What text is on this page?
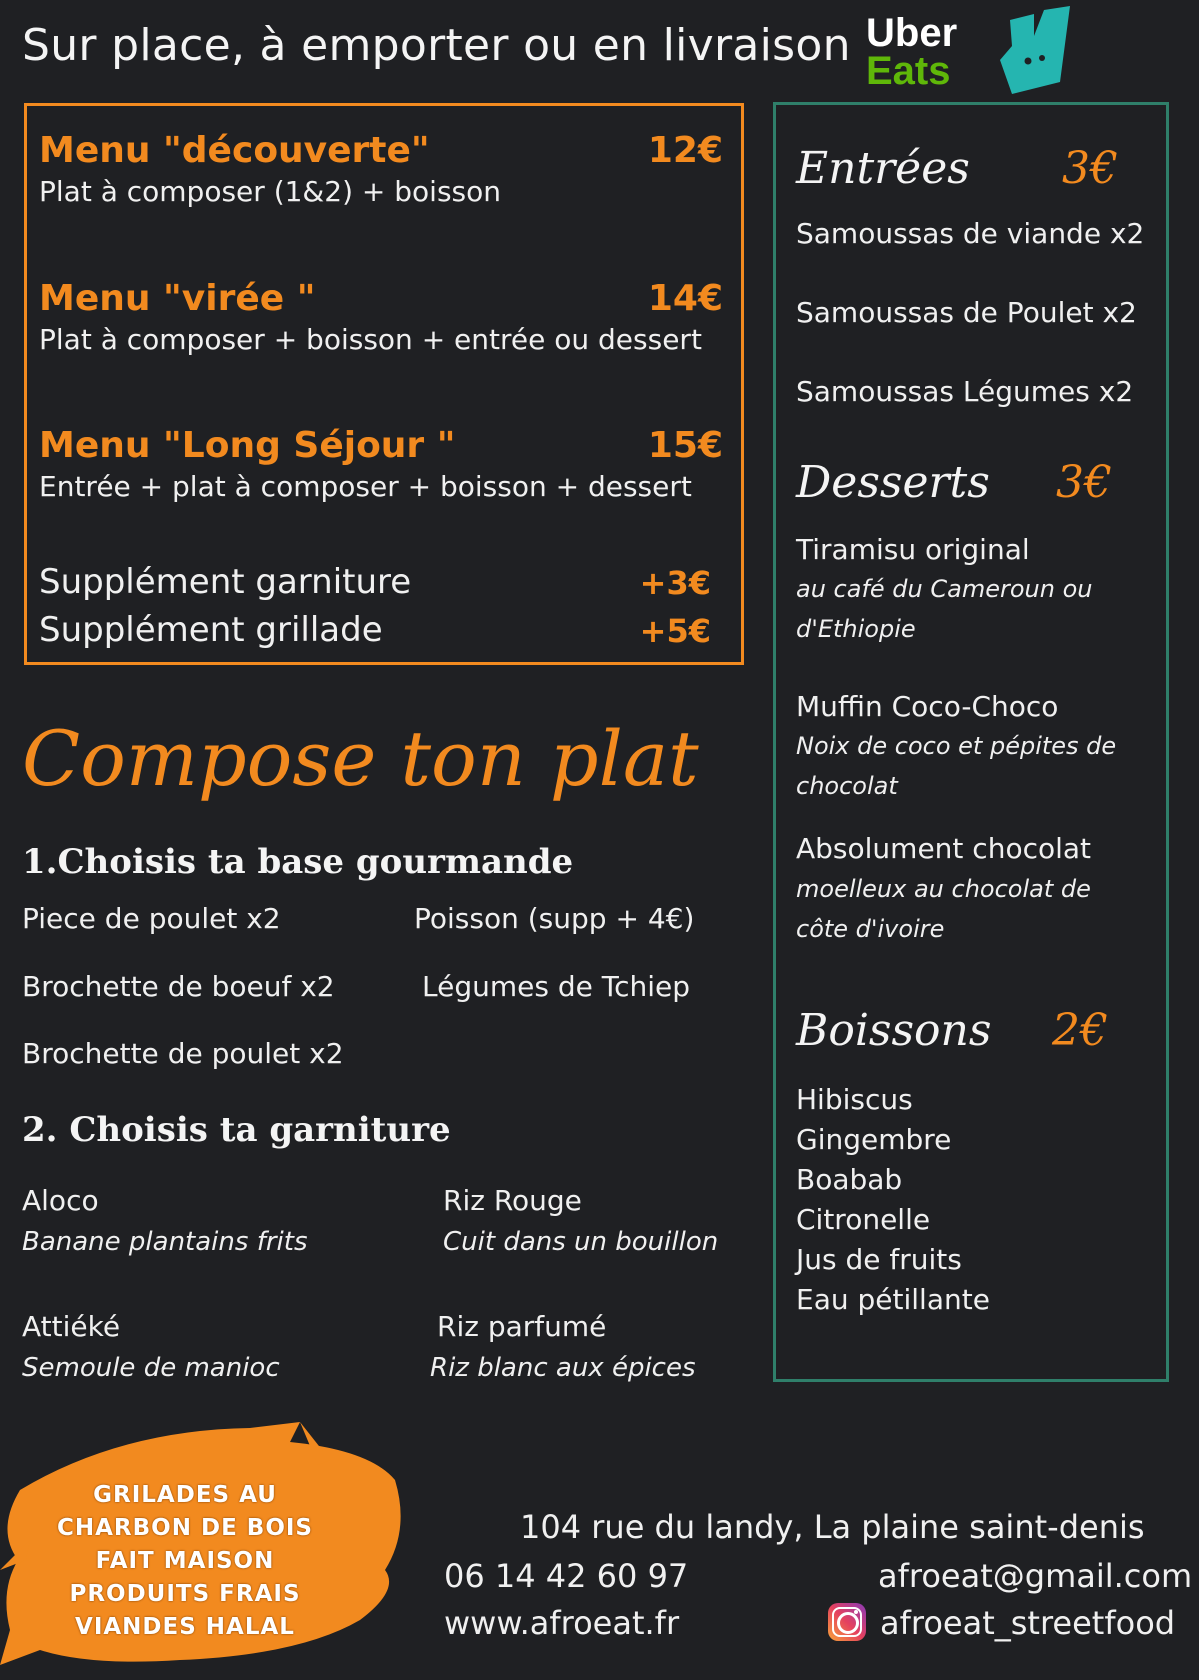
Sur place, à emporter ou en livraison Uber
Eats
Menu "découverte"	12€
Plat à composer (1&2) + boisson
Menu "virée "	14€
Plat à composer + boisson + entrée ou dessert
Menu "Long Séjour "	15€
Entrée + plat à composer + boisson + dessert
Supplément garniture	+3€
Supplément grillade	+5€
Entrées 3€
Samoussas de viande x2
Samoussas de Poulet x2
Samoussas Légumes x2
Desserts 3€
Tiramisu original
au café du Cameroun ou d'Ethiopie
Muffin Coco-Choco
Noix de coco et pépites de chocolat
Absolument chocolat
moelleux au chocolat de côte d'ivoire
Boissons 2€
Hibiscus
Gingembre
Boabab
Citronelle
Jus de fruits
Eau pétillante
Compose ton plat
1.Choisis ta base gourmande
Piece de poulet x2
Brochette de boeuf x2
Brochette de poulet x2
Poisson (supp + 4€)
Légumes de Tchiep
2. Choisis ta garniture
Aloco
Banane plantains frits
Riz Rouge
Cuit dans un bouillon
Attiéké
Semoule de manioc
Riz parfumé
Riz blanc aux épices
GRILADES AU
CHARBON DE BOIS
FAIT MAISON
PRODUITS FRAIS
VIANDES HALAL
104 rue du landy, La plaine saint-denis
06 14 42 60 97	afroeat@gmail.com
www.afroeat.fr	afroeat_streetfood
